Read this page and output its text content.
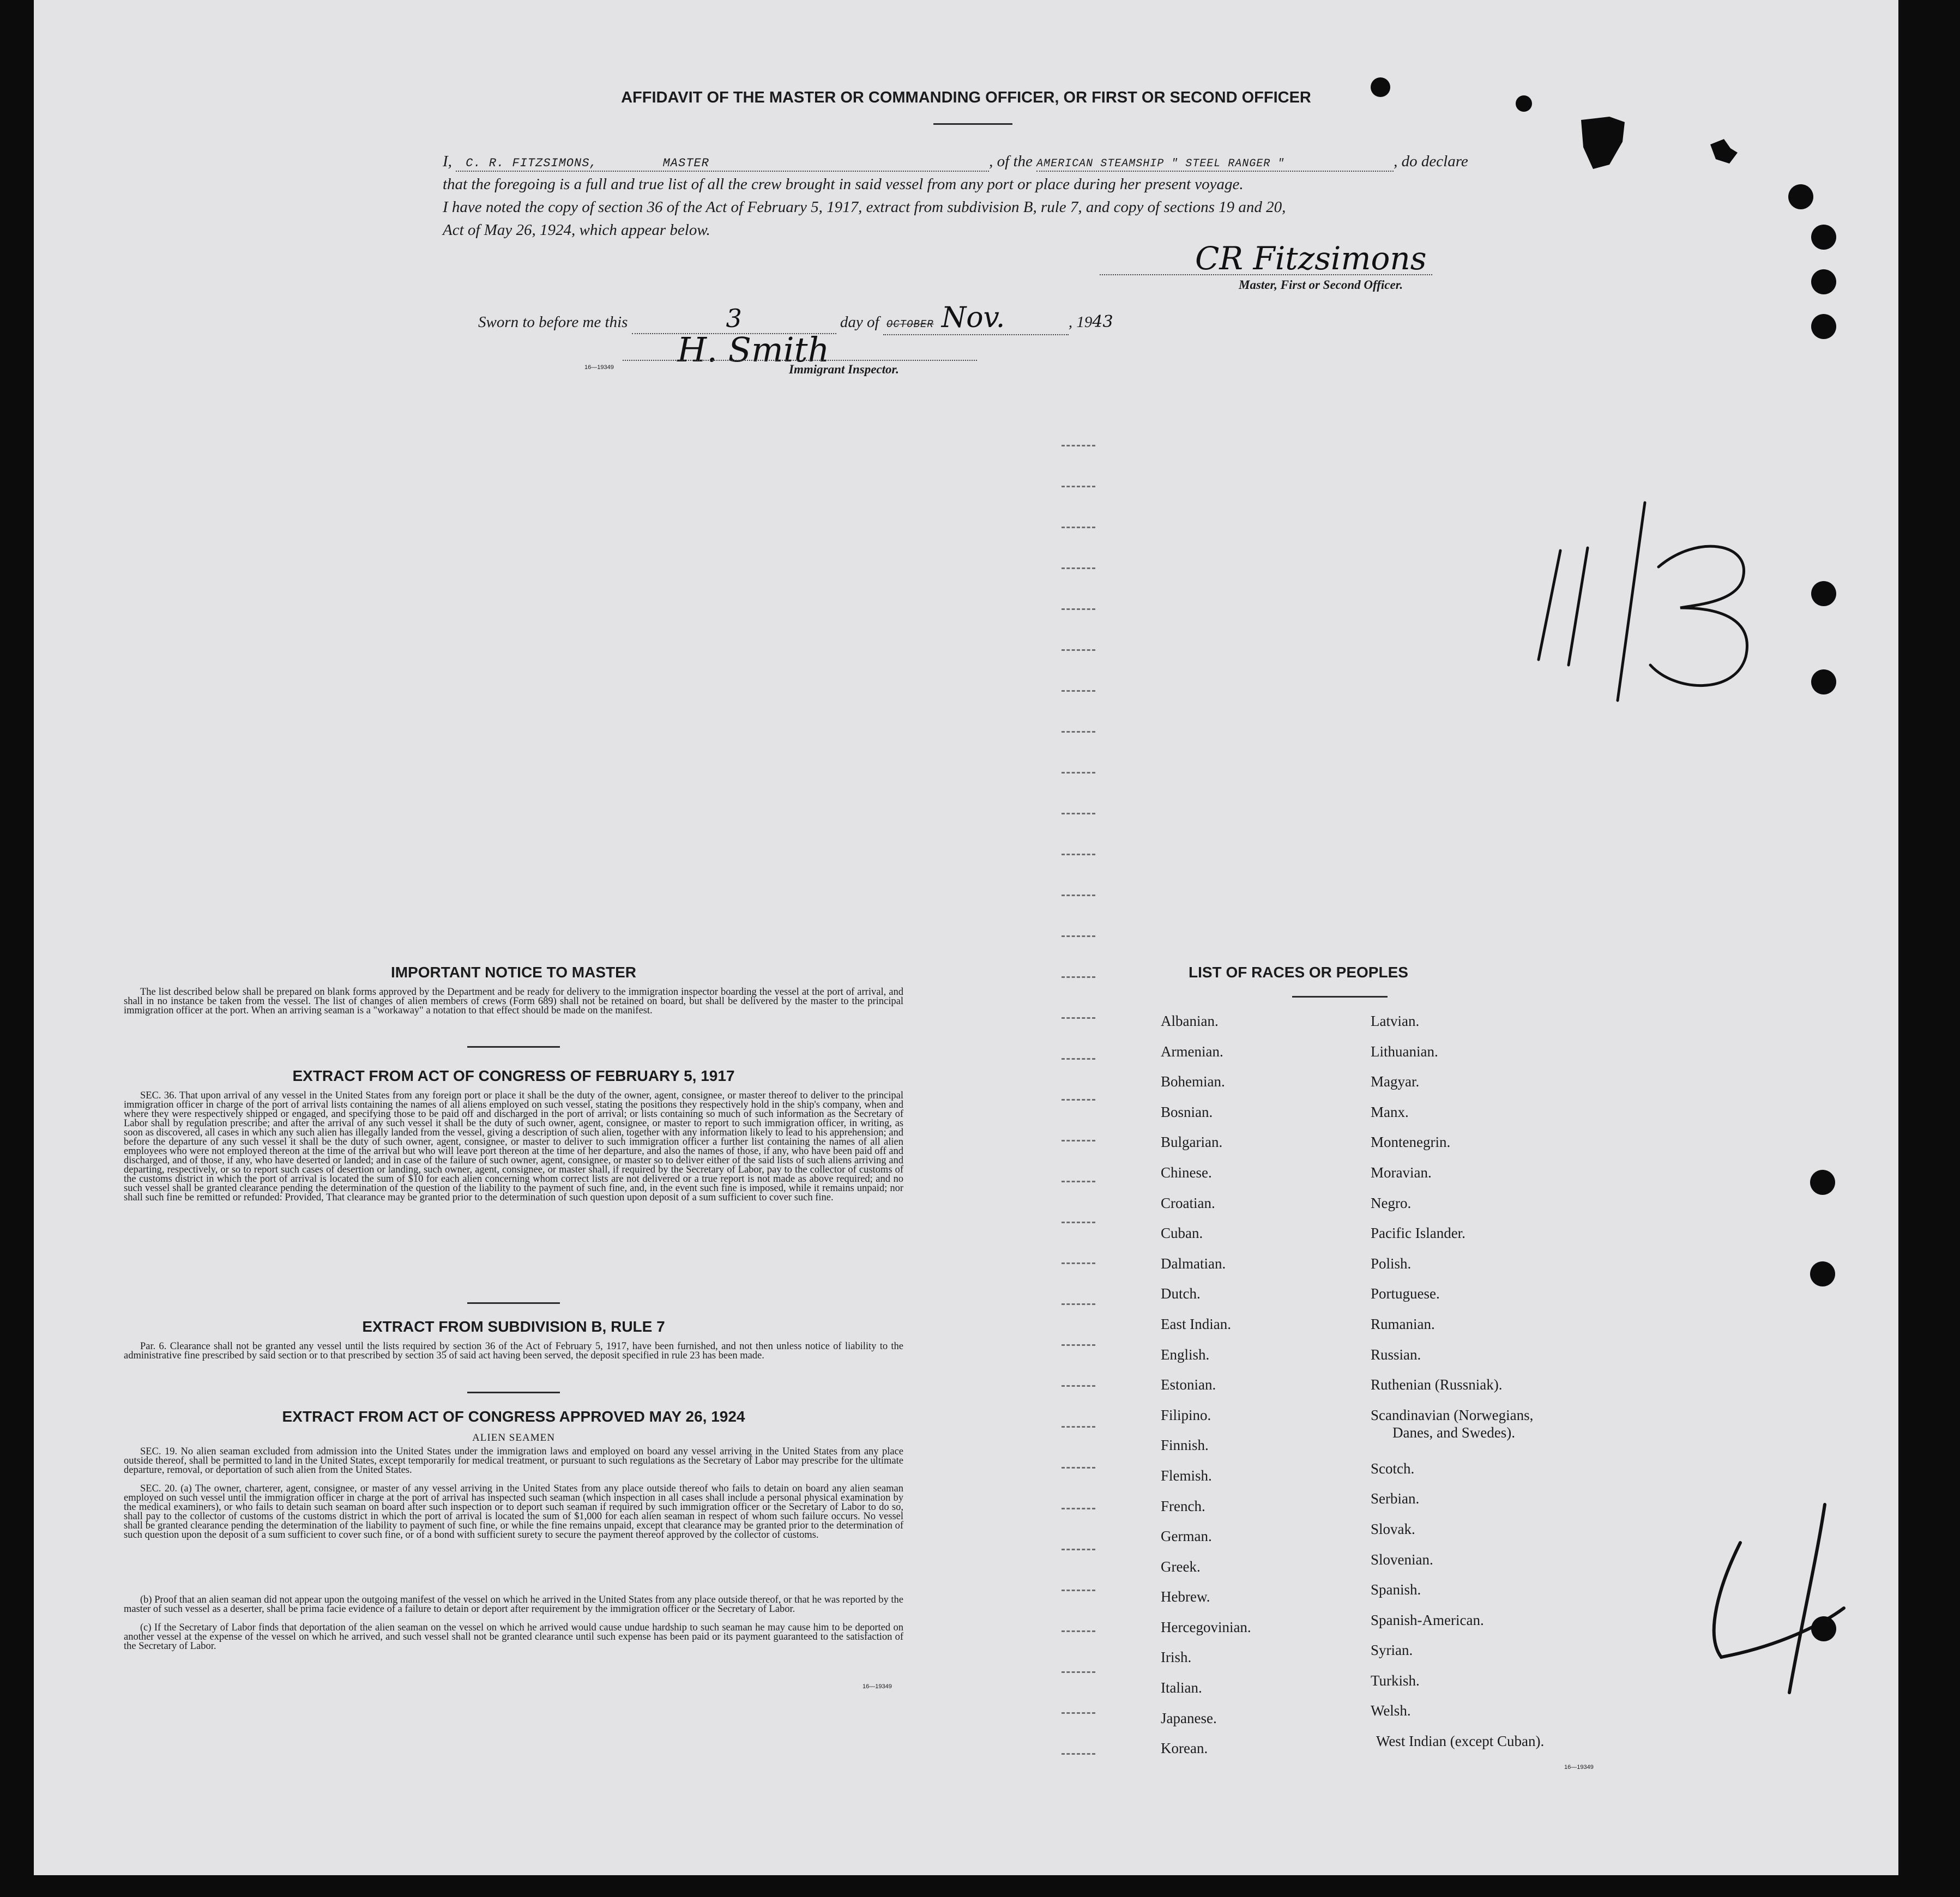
AFFIDAVIT OF THE MASTER OR COMMANDING OFFICER, OR FIRST OR SECOND OFFICER
I, C. R. FITZSIMONS,	MASTER	, of the AMERICAN STEAMSHIP " STEEL RANGER "	, do declare
that the foregoing is a full and true list of all the crew brought in said vessel from any port or place during her present voyage.
I have noted the copy of section 36 of the Act of February 5, 1917, extract from subdivision B, rule 7, and copy of sections 19 and 20,
Act of May 26, 1924, which appear below.
CR Fitzsimons
Master, First or Second Officer.
Sworn to before me this	3	day of OCTOBER Nov.	, 1943
H. Smith
16—19349	Immigrant Inspector.
11/3
4
IMPORTANT NOTICE TO MASTER
The list described below shall be prepared on blank forms approved by the Department and be ready for delivery to the immigration inspector boarding the vessel at the port of arrival, and shall in no instance be taken from the vessel. The list of changes of alien members of crews (Form 689) shall not be retained on board, but shall be delivered by the master to the principal immigration officer at the port. When an arriving seaman is a "workaway" a notation to that effect should be made on the manifest.
EXTRACT FROM ACT OF CONGRESS OF FEBRUARY 5, 1917
SEC. 36. That upon arrival of any vessel in the United States from any foreign port or place it shall be the duty of the owner, agent, consignee, or master thereof to deliver to the principal immigration officer in charge of the port of arrival lists containing the names of all aliens employed on such vessel, stating the positions they respectively hold in the ship's company, when and where they were respectively shipped or engaged, and specifying those to be paid off and discharged in the port of arrival; or lists containing so much of such information as the Secretary of Labor shall by regulation prescribe; and after the arrival of any such vessel it shall be the duty of such owner, agent, consignee, or master to report to such immigration officer, in writing, as soon as discovered, all cases in which any such alien has illegally landed from the vessel, giving a description of such alien, together with any information likely to lead to his apprehension; and before the departure of any such vessel it shall be the duty of such owner, agent, consignee, or master to deliver to such immigration officer a further list containing the names of all alien employees who were not employed thereon at the time of the arrival but who will leave port thereon at the time of her departure, and also the names of those, if any, who have been paid off and discharged, and of those, if any, who have deserted or landed; and in case of the failure of such owner, agent, consignee, or master so to deliver either of the said lists of such aliens arriving and departing, respectively, or so to report such cases of desertion or landing, such owner, agent, consignee, or master shall, if required by the Secretary of Labor, pay to the collector of customs of the customs district in which the port of arrival is located the sum of $10 for each alien concerning whom correct lists are not delivered or a true report is not made as above required; and no such vessel shall be granted clearance pending the determination of the question of the liability to the payment of such fine, and, in the event such fine is imposed, while it remains unpaid; nor shall such fine be remitted or refunded: Provided, That clearance may be granted prior to the determination of such question upon deposit of a sum sufficient to cover such fine.
EXTRACT FROM SUBDIVISION B, RULE 7
Par. 6. Clearance shall not be granted any vessel until the lists required by section 36 of the Act of February 5, 1917, have been furnished, and not then unless notice of liability to the administrative fine prescribed by said section or to that prescribed by section 35 of said act having been served, the deposit specified in rule 23 has been made.
EXTRACT FROM ACT OF CONGRESS APPROVED MAY 26, 1924
ALIEN SEAMEN
SEC. 19. No alien seaman excluded from admission into the United States under the immigration laws and employed on board any vessel arriving in the United States from any place outside thereof, shall be permitted to land in the United States, except temporarily for medical treatment, or pursuant to such regulations as the Secretary of Labor may prescribe for the ultimate departure, removal, or deportation of such alien from the United States.
SEC. 20. (a) The owner, charterer, agent, consignee, or master of any vessel arriving in the United States from any place outside thereof who fails to detain on board any alien seaman employed on such vessel until the immigration officer in charge at the port of arrival has inspected such seaman (which inspection in all cases shall include a personal physical examination by the medical examiners), or who fails to detain such seaman on board after such inspection or to deport such seaman if required by such immigration officer or the Secretary of Labor to do so, shall pay to the collector of customs of the customs district in which the port of arrival is located the sum of $1,000 for each alien seaman in respect of whom such failure occurs. No vessel shall be granted clearance pending the determination of the liability to payment of such fine, or while the fine remains unpaid, except that clearance may be granted prior to the determination of such question upon the deposit of a sum sufficient to cover such fine, or of a bond with sufficient surety to secure the payment thereof approved by the collector of customs.
(b) Proof that an alien seaman did not appear upon the outgoing manifest of the vessel on which he arrived in the United States from any place outside thereof, or that he was reported by the master of such vessel as a deserter, shall be prima facie evidence of a failure to detain or deport after requirement by the immigration officer or the Secretary of Labor.
(c) If the Secretary of Labor finds that deportation of the alien seaman on the vessel on which he arrived would cause undue hardship to such seaman he may cause him to be deported on another vessel at the expense of the vessel on which he arrived, and such vessel shall not be granted clearance until such expense has been paid or its payment guaranteed to the satisfaction of the Secretary of Labor.
16—19349
LIST OF RACES OR PEOPLES
Albanian.
Armenian.
Bohemian.
Bosnian.
Bulgarian.
Chinese.
Croatian.
Cuban.
Dalmatian.
Dutch.
East Indian.
English.
Estonian.
Filipino.
Finnish.
Flemish.
French.
German.
Greek.
Hebrew.
Hercegovinian.
Irish.
Italian.
Japanese.
Korean.
Latvian.
Lithuanian.
Magyar.
Manx.
Montenegrin.
Moravian.
Negro.
Pacific Islander.
Polish.
Portuguese.
Rumanian.
Russian.
Ruthenian (Russniak).
Scandinavian (Norwegians,
Danes, and Swedes).
Scotch.
Serbian.
Slovak.
Slovenian.
Spanish.
Spanish-American.
Syrian.
Turkish.
Welsh.
West Indian (except Cuban).
16—19349
